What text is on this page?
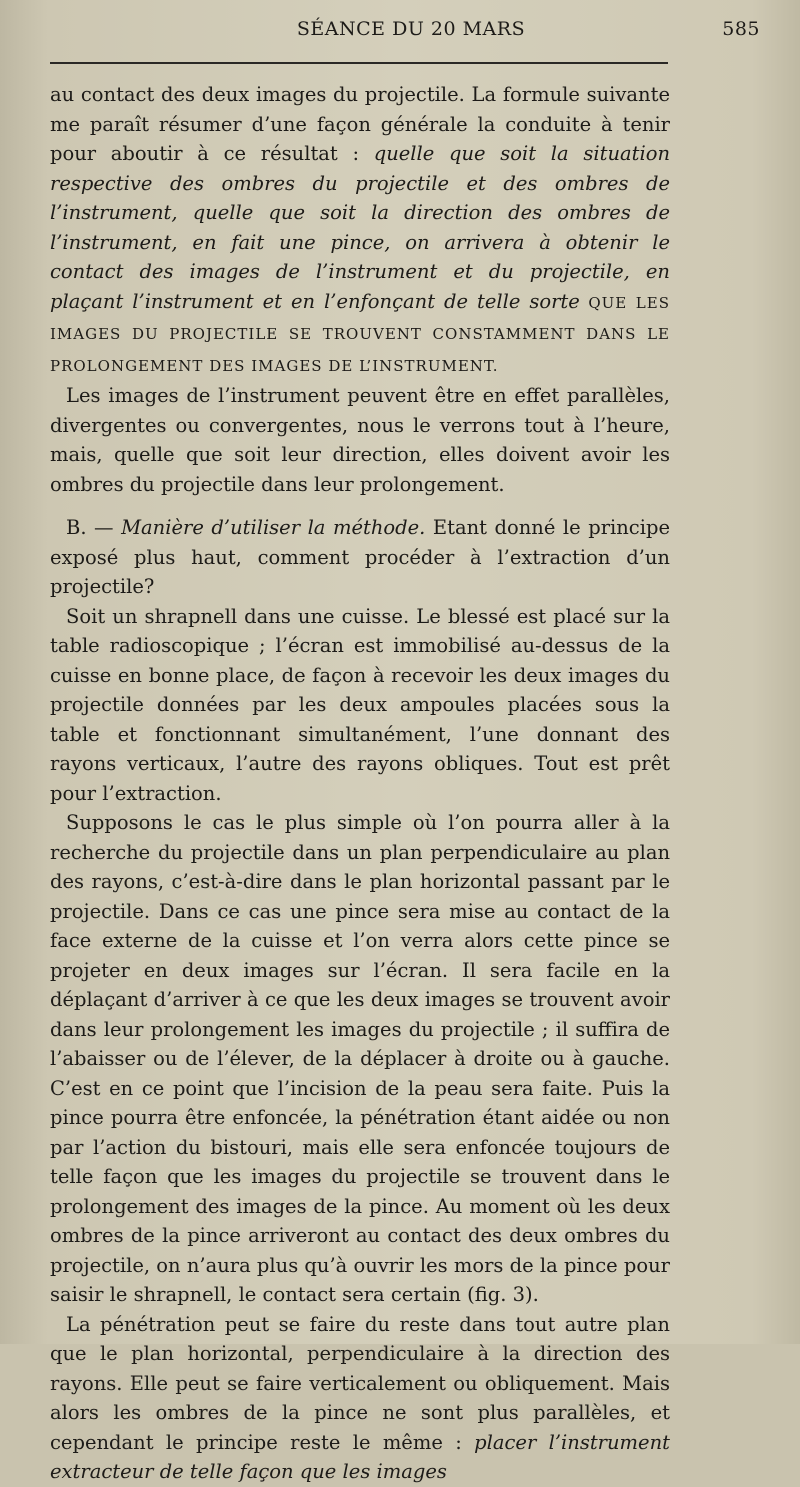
SÉANCE DU 20 MARS	585

au contact des deux images du projectile. La formule suivante me paraît résumer d’une façon générale la conduite à tenir pour aboutir à ce résultat : quelle que soit la situation respective des ombres du projectile et des ombres de l’instrument, quelle que soit la direction des ombres de l’instrument, en fait une pince, on arrivera à obtenir le contact des images de l’instrument et du projectile, en plaçant l’instrument et en l’enfonçant de telle sorte QUE LES IMAGES DU PROJECTILE SE TROUVENT CONSTAMMENT DANS LE PROLONGEMENT DES IMAGES DE L’INSTRUMENT.

Les images de l’instrument peuvent être en effet parallèles, divergentes ou convergentes, nous le verrons tout à l’heure, mais, quelle que soit leur direction, elles doivent avoir les ombres du projectile dans leur prolongement.

B. — Manière d’utiliser la méthode. Etant donné le principe exposé plus haut, comment procéder à l’extraction d’un projectile?

Soit un shrapnell dans une cuisse. Le blessé est placé sur la table radioscopique ; l’écran est immobilisé au-dessus de la cuisse en bonne place, de façon à recevoir les deux images du projectile données par les deux ampoules placées sous la table et fonctionnant simultanément, l’une donnant des rayons verticaux, l’autre des rayons obliques. Tout est prêt pour l’extraction.

Supposons le cas le plus simple où l’on pourra aller à la recherche du projectile dans un plan perpendiculaire au plan des rayons, c’est-à-dire dans le plan horizontal passant par le projectile. Dans ce cas une pince sera mise au contact de la face externe de la cuisse et l’on verra alors cette pince se projeter en deux images sur l’écran. Il sera facile en la déplaçant d’arriver à ce que les deux images se trouvent avoir dans leur prolongement les images du projectile ; il suffira de l’abaisser ou de l’élever, de la déplacer à droite ou à gauche. C’est en ce point que l’incision de la peau sera faite. Puis la pince pourra être enfoncée, la pénétration étant aidée ou non par l’action du bistouri, mais elle sera enfoncée toujours de telle façon que les images du projectile se trouvent dans le prolongement des images de la pince. Au moment où les deux ombres de la pince arriveront au contact des deux ombres du projectile, on n’aura plus qu’à ouvrir les mors de la pince pour saisir le shrapnell, le contact sera certain (fig. 3).

La pénétration peut se faire du reste dans tout autre plan que le plan horizontal, perpendiculaire à la direction des rayons. Elle peut se faire verticalement ou obliquement. Mais alors les ombres de la pince ne sont plus parallèles, et cependant le principe reste le même : placer l’instrument extracteur de telle façon que les images
